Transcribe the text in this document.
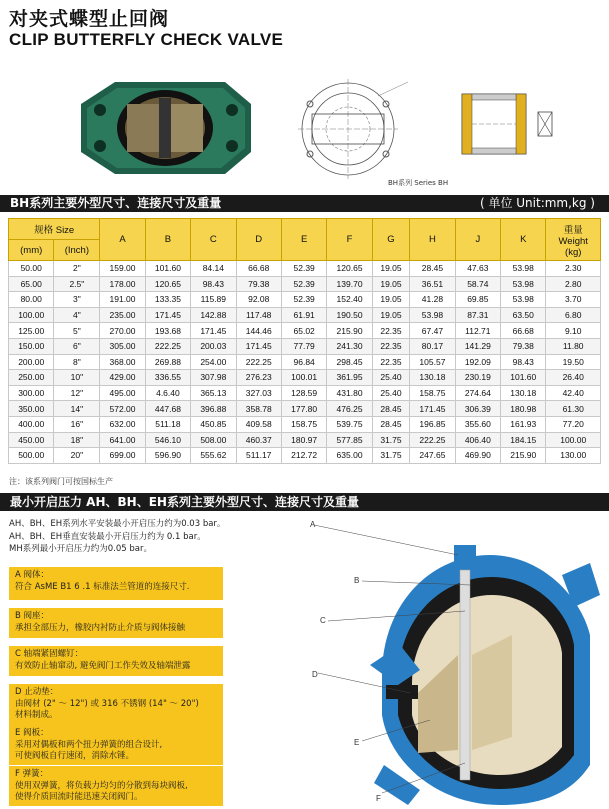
对夹式蝶型止回阀
CLIP BUTTERFLY CHECK VALVE
BH系列 Series BH
BH系列主要外型尺寸、连接尺寸及重量	( 单位 Unit:mm,kg )
规格 Size		A	B	C	D	E	F	G	H	J	K	重量
Weight
(kg)

(mm)	(Inch)											
50.00	2"	159.00	101.60	84.14	66.68	52.39	120.65	19.05	28.45	47.63	53.98	2.30
65.00	2.5"	178.00	120.65	98.43	79.38	52.39	139.70	19.05	36.51	58.74	53.98	2.80
80.00	3"	191.00	133.35	115.89	92.08	52.39	152.40	19.05	41.28	69.85	53.98	3.70
100.00	4"	235.00	171.45	142.88	117.48	61.91	190.50	19.05	53.98	87.31	63.50	6.80
125.00	5"	270.00	193.68	171.45	144.46	65.02	215.90	22.35	67.47	112.71	66.68	9.10
150.00	6"	305.00	222.25	200.03	171.45	77.79	241.30	22.35	80.17	141.29	79.38	11.80
200.00	8"	368.00	269.88	254.00	222.25	96.84	298.45	22.35	105.57	192.09	98.43	19.50
250.00	10"	429.00	336.55	307.98	276.23	100.01	361.95	25.40	130.18	230.19	101.60	26.40
300.00	12"	495.00	4.6.40	365.13	327.03	128.59	431.80	25.40	158.75	274.64	130.18	42.40
350.00	14"	572.00	447.68	396.88	358.78	177.80	476.25	28.45	171.45	306.39	180.98	61.30
400.00	16"	632.00	511.18	450.85	409.58	158.75	539.75	28.45	196.85	355.60	161.93	77.20
450.00	18"	641.00	546.10	508.00	460.37	180.97	577.85	31.75	222.25	406.40	184.15	100.00
500.00	20"	699.00	596.90	555.62	511.17	212.72	635.00	31.75	247.65	469.90	215.90	130.00
注：该系列阀门可按国标生产
最小开启压力 AH、BH、EH系列主要外型尺寸、连接尺寸及重量
AH、BH、EH系列水平安装最小开启压力约为0.03 bar。
AH、BH、EH垂直安装最小开启压力约为 0.1 bar。
MH系列最小开启压力约为0.05 bar。
A 阀体：
符合 AsME B1 6 .1 标准法兰管道的连接尺寸.
B 阀座：
承担全部压力，橡胶内衬防止介质与阀体接触
C 轴端紧固螺钉：
有效防止轴窜动, 避免阀门工作失效及轴端泄露
D 止动垫：
由阀材 (2" ～ 12") 或 316 不锈钢 (14" ～ 20")
材料制成。
E 阀板：
采用对偶板和两个扭力弹簧的组合设计,
可使阀板自行速闭，消除水锤。
F 弹簧：
使用双弹簧，将负载力均匀的分散到每块阀板,
使得介质回流时能迅速关闭阀门。
A
B
C
D
E
F
